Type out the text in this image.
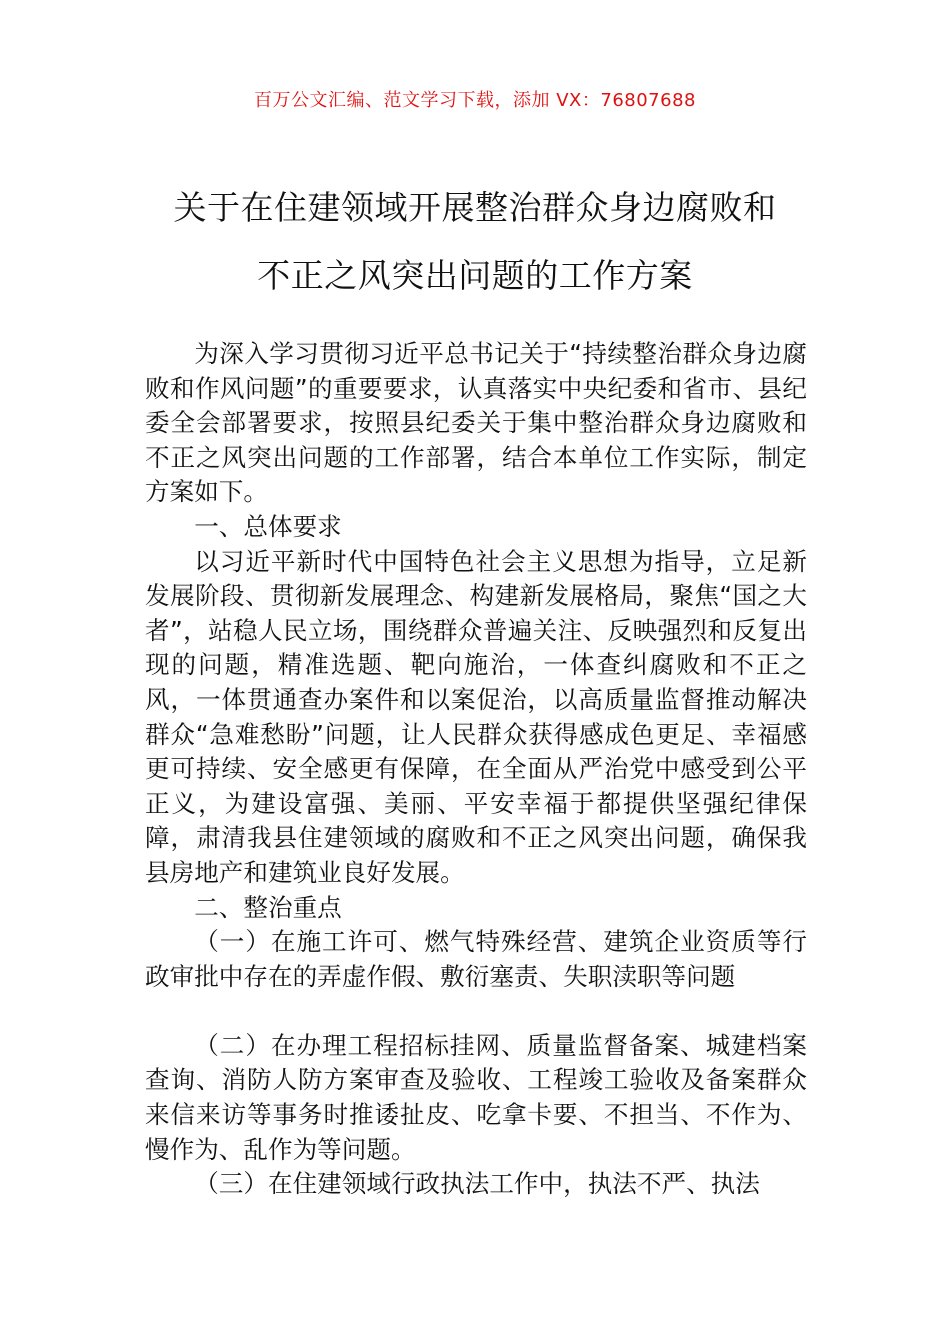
百万公文汇编、范文学习下载，添加 VX：76807688
关于在住建领域开展整治群众身边腐败和
不正之风突出问题的工作方案

为深入学习贯彻习近平总书记关于“持续整治群众身边腐败和作风问题”的重要要求，认真落实中央纪委和省市、县纪委全会部署要求，按照县纪委关于集中整治群众身边腐败和不正之风突出问题的工作部署，结合本单位工作实际，制定方案如下。

一、总体要求

以习近平新时代中国特色社会主义思想为指导，立足新发展阶段、贯彻新发展理念、构建新发展格局，聚焦“国之大者”，站稳人民立场，围绕群众普遍关注、反映强烈和反复出现的问题，精准选题、靶向施治，一体查纠腐败和不正之风，一体贯通查办案件和以案促治，以高质量监督推动解决群众“急难愁盼”问题，让人民群众获得感成色更足、幸福感更可持续、安全感更有保障，在全面从严治党中感受到公平正义，为建设富强、美丽、平安幸福于都提供坚强纪律保障，肃清我县住建领域的腐败和不正之风突出问题，确保我县房地产和建筑业良好发展。

二、整治重点

（一）在施工许可、燃气特殊经营、建筑企业资质等行政审批中存在的弄虚作假、敷衍塞责、失职渎职等问题

（二）在办理工程招标挂网、质量监督备案、城建档案查询、消防人防方案审查及验收、工程竣工验收及备案群众来信来访等事务时推诿扯皮、吃拿卡要、不担当、不作为、慢作为、乱作为等问题。

（三）在住建领域行政执法工作中，执法不严、执法
